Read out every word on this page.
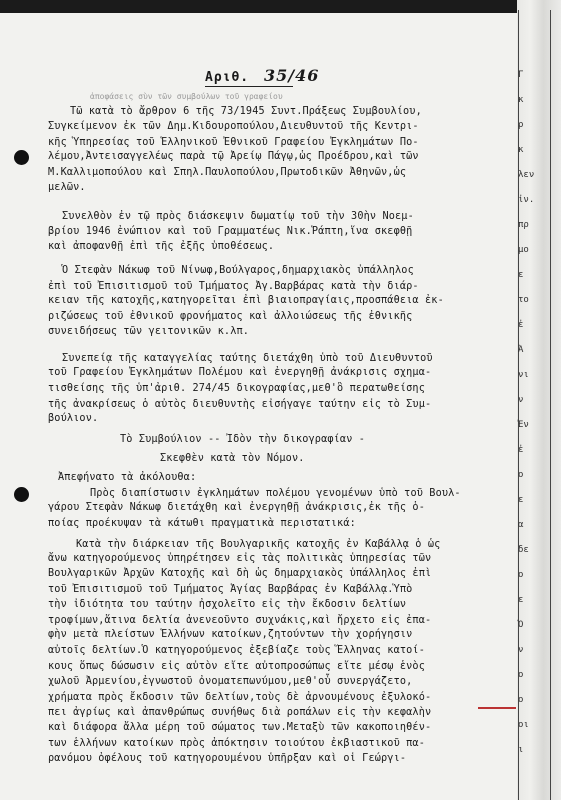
Αριθ. 35/46
ἀποφάσεις σὺν τῶν συμβούλων τοῦ γραφείου
Τῶ κατὰ τὸ ἄρθρον 6 τῆς 73/1945 Συντ.Πράξεως Συμβουλίου,
Συγκείμενον ἐκ τῶν Δημ.Κιδουροπούλου,Διευθυντοῦ τῆς Κεντρι-
κῆς Ὑπηρεσίας τοῦ Ἑλληνικοῦ Ἐθνικοῦ Γραφείου Ἐγκλημάτων Πο-
λέμου,Ἀντεισαγγελέως παρὰ τῷ Ἀρείῳ Πάγῳ,ὡς Προέδρου,καὶ τῶν
Μ.Καλλιμοπούλου καὶ Σπηλ.Παυλοπούλου,Πρωτοδικῶν Ἀθηνῶν,ὡς
μελῶν.
Συνελθὸν ἐν τῷ πρὸς διάσκεψιν δωματίῳ τοῦ τὴν 30ὴν Νοεμ-
βρίου 1946 ἐνώπιον καὶ τοῦ Γραμματέως Νικ.Ῥάπτη,ἵνα σκεφθῇ
καὶ ἀποφανθῇ ἐπὶ τῆς ἐξῆς ὑποθέσεως.
Ὁ Στεφὰν Νάκωφ τοῦ Νίνωφ,Βούλγαρος,δημαρχιακὸς ὑπάλληλος
ἐπὶ τοῦ Ἐπισιτισμοῦ τοῦ Τμήματος Ἀγ.Βαρβάρας κατὰ τὴν διάρ-
κειαν τῆς κατοχῆς,κατηγορεῖται ἐπὶ βιαιοπραγίαις,προσπάθεια ἐκ-
ριζώσεως τοῦ ἐθνικοῦ φρονήματος καὶ ἀλλοιώσεως τῆς ἐθνικῆς
συνειδήσεως τῶν γειτονικῶν κ.λπ.
Συνεπείᾳ τῆς καταγγελίας ταύτης διετάχθη ὑπὸ τοῦ Διευθυντοῦ
τοῦ Γραφείου Ἐγκλημάτων Πολέμου καὶ ἐνεργηθῇ ἀνάκρισις σχημα-
τισθείσης τῆς ὑπ'ἀριθ. 274/45 δικογραφίας,μεθ'ὃ περατωθείσης
τῆς ἀνακρίσεως ὁ αὐτὸς διευθυντὴς εἰσήγαγε ταύτην εἰς τὸ Συμ-
βούλιον.
Τὸ Συμβούλιον -- Ἰδὸν τὴν δικογραφίαν -
Σκεφθὲν κατὰ τὸν Νόμον.
Ἀπεφήνατο τὰ ἀκόλουθα:
Πρὸς διαπίστωσιν ἐγκλημάτων πολέμου γενομένων ὑπὸ τοῦ Βουλ-
γάρου Στεφὰν Νάκωφ διετάχθη καὶ ἐνεργηθῇ ἀνάκρισις,ἐκ τῆς ὁ-
ποίας προέκυψαν τὰ κάτωθι πραγματικὰ περιστατικά:
Κατὰ τὴν διάρκειαν τῆς Βουλγαρικῆς κατοχῆς ἐν Καβάλλᾳ ὁ ὡς
ἄνω κατηγορούμενος ὑπηρέτησεν εἰς τὰς πολιτικὰς ὑπηρεσίας τῶν
Βουλγαρικῶν Ἀρχῶν Κατοχῆς καὶ δὴ ὡς δημαρχιακὸς ὑπάλληλος ἐπὶ
τοῦ Ἐπισιτισμοῦ τοῦ Τμήματος Ἁγίας Βαρβάρας ἐν Καβάλλᾳ.Ὑπὸ
τὴν ἰδιότητα του ταύτην ἠσχολεῖτο εἰς τὴν ἔκδοσιν δελτίων
τροφίμων,ἅτινα δελτία ἀνενεοῦντο συχνάκις,καὶ ἤρχετο εἰς ἐπα-
φὴν μετὰ πλείστων Ἑλλήνων κατοίκων,ζητούντων τὴν χορήγησιν
αὐτοῖς δελτίων.Ὁ κατηγορούμενος ἐξεβίαζε τοὺς Ἕλληνας κατοί-
κους ὅπως δώσωσιν εἰς αὐτὸν εἴτε αὐτοπροσώπως εἴτε μέσῳ ἑνὸς
χωλοῦ Ἀρμενίου,ἐγνωστοῦ ὀνοματεπωνύμου,μεθ'οὗ συνεργάζετο,
χρήματα πρὸς ἔκδοσιν τῶν δελτίων,τοὺς δὲ ἀρνουμένους ἐξυλοκό-
πει ἀγρίως καὶ ἀπανθρώπως συνήθως διὰ ροπάλων εἰς τὴν κεφαλὴν
καὶ διάφορα ἄλλα μέρη τοῦ σώματος των.Μεταξὺ τῶν κακοποιηθέν-
των ἑλλήνων κατοίκων πρὸς ἀπόκτησιν τοιούτου ἐκβιαστικοῦ πα-
ρανόμου ὀφέλους τοῦ κατηγορουμένου ὑπῆρξαν καὶ οἱ Γεώργι-
Γ
κ
ρ
κ
λεν
ἰν.
πρ
μο
ε
το
ἐ
Ἀ
νι
ν
Ἐν
ἐ
ο
ε
α
δε
ο
ε
Ὁ
ν
ο
ο
οι
ι
